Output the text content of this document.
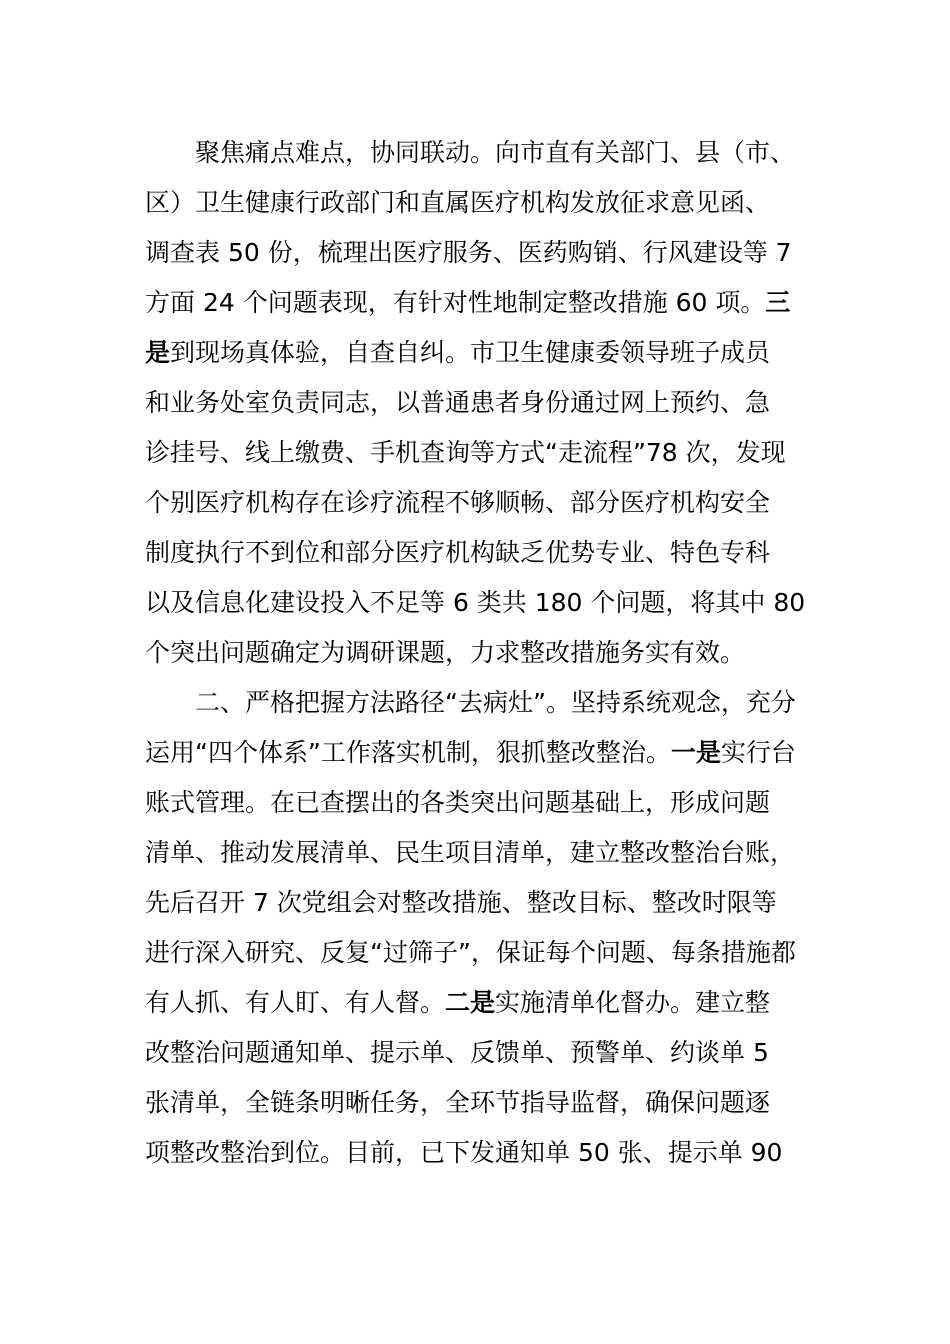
聚焦痛点难点，协同联动。向市直有关部门、县（市、
区）卫生健康行政部门和直属医疗机构发放征求意见函、
调查表 50 份，梳理出医疗服务、医药购销、行风建设等 7
方面 24 个问题表现，有针对性地制定整改措施 60 项。三
是到现场真体验，自查自纠。市卫生健康委领导班子成员
和业务处室负责同志，以普通患者身份通过网上预约、急
诊挂号、线上缴费、手机查询等方式“走流程”78 次，发现
个别医疗机构存在诊疗流程不够顺畅、部分医疗机构安全
制度执行不到位和部分医疗机构缺乏优势专业、特色专科
以及信息化建设投入不足等 6 类共 180 个问题，将其中 80
个突出问题确定为调研课题，力求整改措施务实有效。
二、严格把握方法路径“去病灶”。坚持系统观念，充分
运用“四个体系”工作落实机制，狠抓整改整治。一是实行台
账式管理。在已查摆出的各类突出问题基础上，形成问题
清单、推动发展清单、民生项目清单，建立整改整治台账，
先后召开 7 次党组会对整改措施、整改目标、整改时限等
进行深入研究、反复“过筛子”，保证每个问题、每条措施都
有人抓、有人盯、有人督。二是实施清单化督办。建立整
改整治问题通知单、提示单、反馈单、预警单、约谈单 5
张清单，全链条明晰任务，全环节指导监督，确保问题逐
项整改整治到位。目前，已下发通知单 50 张、提示单 90
